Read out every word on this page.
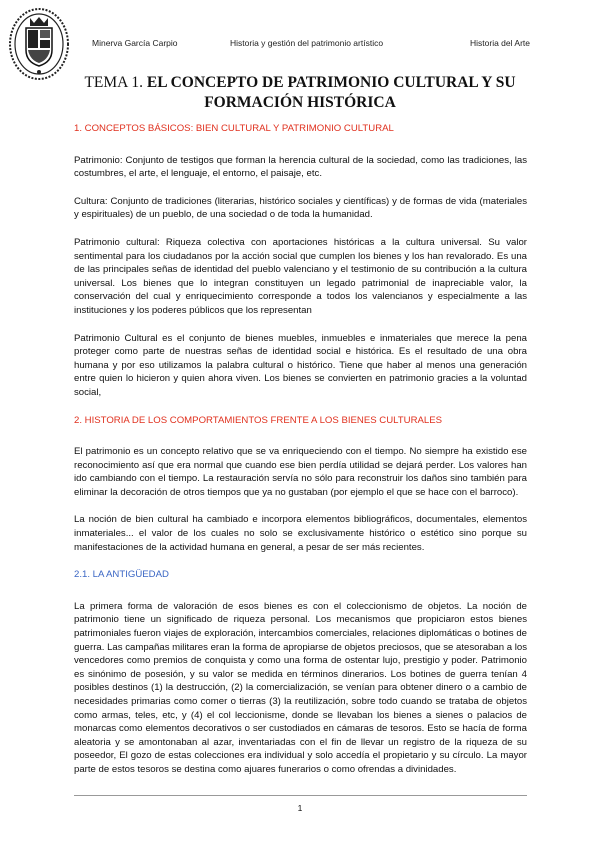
Minerva García Carpio	Historia y gestión del patrimonio artístico	Historia del Arte
TEMA 1. EL CONCEPTO DE PATRIMONIO CULTURAL Y SU
FORMACIÓN HISTÓRICA
1. CONCEPTOS BÁSICOS: BIEN CULTURAL Y PATRIMONIO CULTURAL

Patrimonio: Conjunto de testigos que forman la herencia cultural de la sociedad, como las tradiciones, las costumbres, el arte, el lenguaje, el entorno, el paisaje, etc.

Cultura: Conjunto de tradiciones (literarias, histórico sociales y científicas) y de formas de vida (materiales y espirituales) de un pueblo, de una sociedad o de toda la humanidad.

Patrimonio cultural: Riqueza colectiva con aportaciones históricas a la cultura universal. Su valor sentimental para los ciudadanos por la acción social que cumplen los bienes y los han revalorado. Es una de las principales señas de identidad del pueblo valenciano y el testimonio de su contribución a la cultura universal. Los bienes que lo integran constituyen un legado patrimonial de inapreciable valor, la conservación del cual y enriquecimiento corresponde a todos los valencianos y especialmente a las instituciones y los poderes públicos que los representan

Patrimonio Cultural es el conjunto de bienes muebles, inmuebles e inmateriales que merece la pena proteger como parte de nuestras señas de identidad social e histórica. Es el resultado de una obra humana y por eso utilizamos la palabra cultural o histórico. Tiene que haber al menos una generación entre quien lo hicieron y quien ahora viven. Los bienes se convierten en patrimonio gracies a la voluntad social,

2. HISTORIA DE LOS COMPORTAMIENTOS FRENTE A LOS BIENES CULTURALES

El patrimonio es un concepto relativo que se va enriqueciendo con el tiempo. No siempre ha existido ese reconocimiento así que era normal que cuando ese bien perdía utilidad se dejará perder. Los valores han ido cambiando con el tiempo. La restauración servía no sólo para reconstruir los daños sino también para eliminar la decoración de otros tiempos que ya no gustaban (por ejemplo el que se hace con el barroco).

La noción de bien cultural ha cambiado e incorpora elementos bibliográficos, documentales, elementos inmateriales... el valor de los cuales no solo se exclusivamente histórico o estético sino porque su manifestaciones de la actividad humana en general, a pesar de ser más recientes.

2.1. LA ANTIGÜEDAD

La primera forma de valoración de esos bienes es con el coleccionismo de objetos. La noción de patrimonio tiene un significado de riqueza personal. Los mecanismos que propiciaron estos bienes patrimoniales fueron viajes de exploración, intercambios comerciales, relaciones diplomáticas o botines de guerra. Las campañas militares eran la forma de apropiarse de objetos preciosos, que se atesoraban a los vencedores como premios de conquista y como una forma de ostentar lujo, prestigio y poder. Patrimonio es sinónimo de posesión, y su valor se medida en términos dinerarios. Los botines de guerra tenían 4 posibles destinos (1) la destrucción, (2) la comercialización, se venían para obtener dinero o a cambio de necesidades primarias como comer o tierras (3) la reutilización, sobre todo cuando se trataba de objetos como armas, teles, etc, y (4) el col leccionisme, donde se llevaban los bienes a sienes o palacios de monarcas como elementos decorativos o ser custodiados en cámaras de tesoros. Esto se hacía de forma aleatoria y se amontonaban al azar, inventariadas con el fin de llevar un registro de la riqueza de su poseedor, El gozo de estas colecciones era individual y solo accedía el propietario y su círculo. La mayor parte de estos tesoros se destina como ajuares funerarios o como ofrendas a divinidades.

1
